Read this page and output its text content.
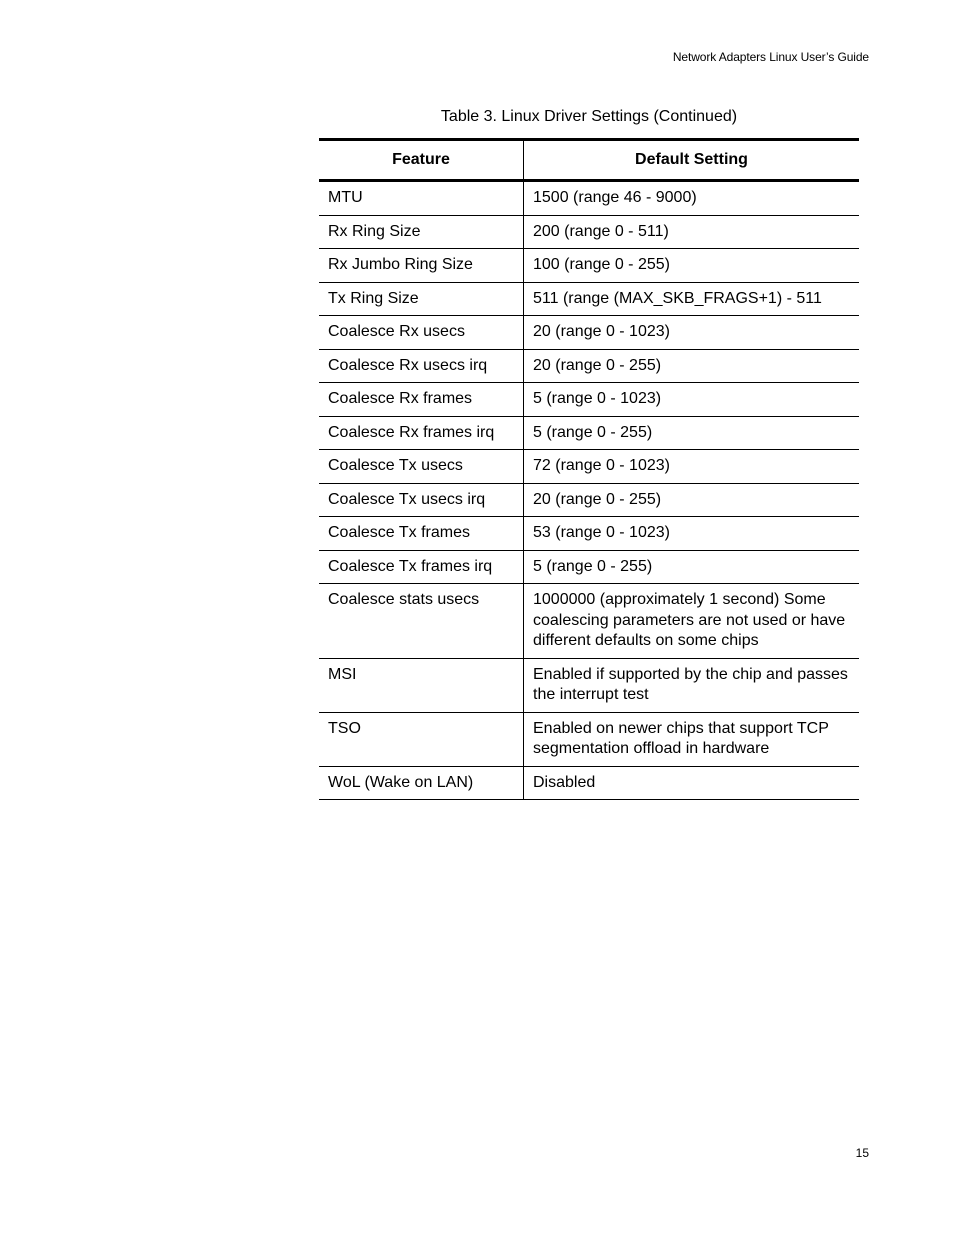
Network Adapters Linux User’s Guide
Table 3. Linux Driver Settings (Continued)
Feature	Default Setting
MTU	1500 (range 46 - 9000)
Rx Ring Size	200 (range 0 - 511)
Rx Jumbo Ring Size	100 (range 0 - 255)
Tx Ring Size	511 (range (MAX_SKB_FRAGS+1) - 511
Coalesce Rx usecs	20 (range 0 - 1023)
Coalesce Rx usecs irq	20 (range 0 - 255)
Coalesce Rx frames	5 (range 0 - 1023)
Coalesce Rx frames irq	5 (range 0 - 255)
Coalesce Tx usecs	72 (range 0 - 1023)
Coalesce Tx usecs irq	20 (range 0 - 255)
Coalesce Tx frames	53 (range 0 - 1023)
Coalesce Tx frames irq	5 (range 0 - 255)
Coalesce stats usecs	1000000 (approximately 1 second) Some coalescing parameters are not used or have different defaults on some chips
MSI	Enabled if supported by the chip and passes the interrupt test
TSO	Enabled on newer chips that support TCP segmentation offload in hardware
WoL (Wake on LAN)	Disabled
15
